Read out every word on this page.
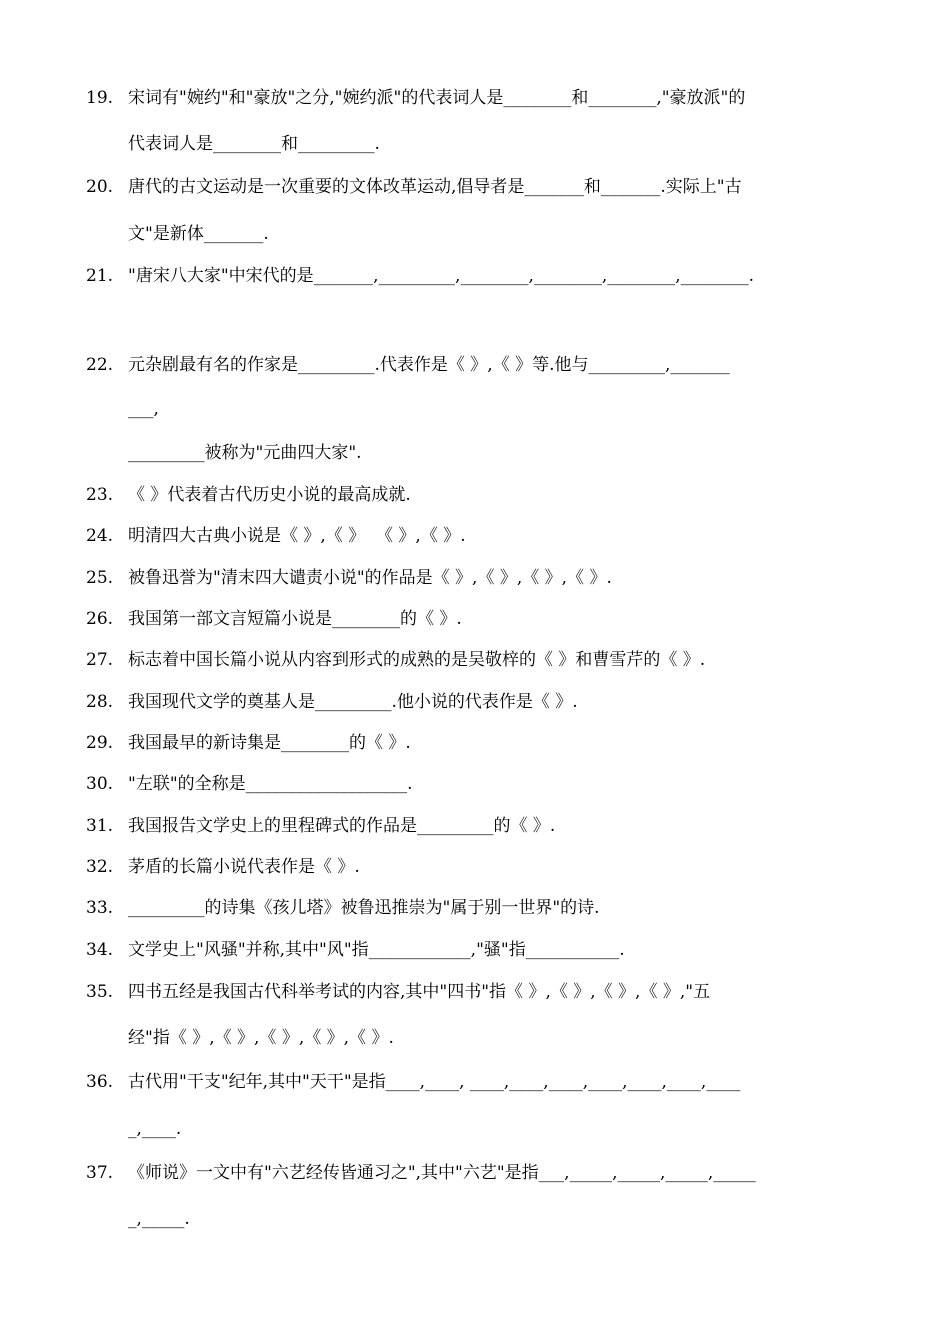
19. 宋词有"婉约"和"豪放"之分,"婉约派"的代表词人是________和________,"豪放派"的
代表词人是________和_________.
20. 唐代的古文运动是一次重要的文体改革运动,倡导者是_______和_______.实际上"古
文"是新体_______.
21. "唐宋八大家"中宋代的是_______,_________,________,________,________,________.
22. 元杂剧最有名的作家是_________.代表作是《 》,《 》等.他与_________,_______
___,
_________被称为"元曲四大家".
23. 《 》代表着古代历史小说的最高成就.
24. 明清四大古典小说是《 》,《 》  《 》,《 》.
25. 被鲁迅誉为"清末四大谴责小说"的作品是《 》,《 》,《 》,《 》.
26. 我国第一部文言短篇小说是________的《 》.
27. 标志着中国长篇小说从内容到形式的成熟的是吴敬梓的《 》和曹雪芹的《 》.
28. 我国现代文学的奠基人是_________.他小说的代表作是《 》.
29. 我国最早的新诗集是________的《 》.
30. "左联"的全称是___________________.
31. 我国报告文学史上的里程碑式的作品是_________的《 》.
32. 茅盾的长篇小说代表作是《 》.
33. _________的诗集《孩儿塔》被鲁迅推崇为"属于别一世界"的诗.
34. 文学史上"风骚"并称,其中"风"指____________,"骚"指___________.
35. 四书五经是我国古代科举考试的内容,其中"四书"指《 》,《 》,《 》,《 》,"五
经"指《 》,《 》,《 》,《 》,《 》.
36. 古代用"干支"纪年,其中"天干"是指____,____, ____,____,____,____,____,____,____
_,____.
37. 《师说》一文中有"六艺经传皆通习之",其中"六艺"是指___,_____,_____,_____,_____
_,_____.
